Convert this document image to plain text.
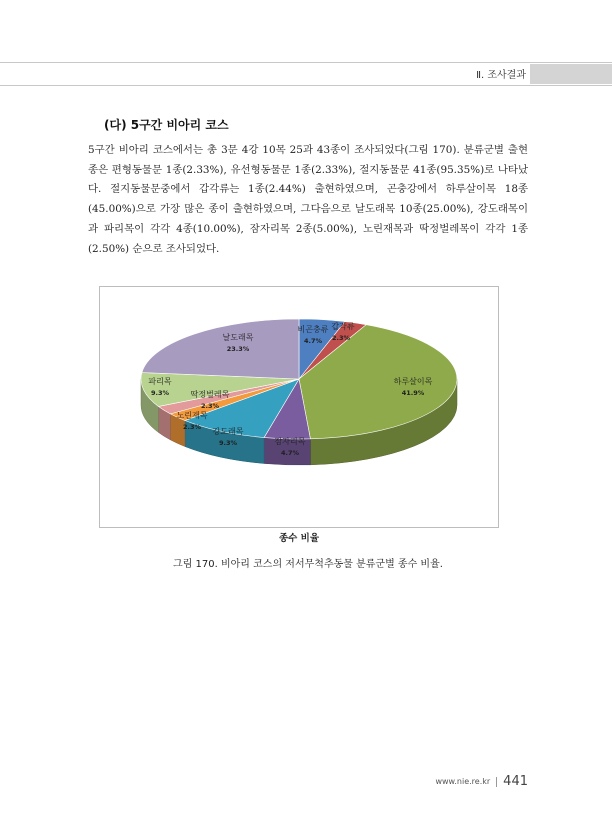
Ⅱ. 조사결과
(다) 5구간 비아리 코스

5구간 비아리 코스에서는 총 3문 4강 10목 25과 43종이 조사되었다(그림 170). 분류군별 출현 종은 편형동물문 1종(2.33%), 유선형동물문 1종(2.33%), 절지동물문 41종(95.35%)로 나타났다. 절지동물문중에서 갑각류는 1종(2.44%) 출현하였으며, 곤충강에서 하루살이목 18종(45.00%)으로 가장 많은 종이 출현하였으며, 그다음으로 날도래목 10종(25.00%), 강도래목이과 파리목이 각각 4종(10.00%), 잠자리목 2종(5.00%), 노린재목과 딱정벌레목이 각각 1종(2.50%) 순으로 조사되었다.

비곤충류
4.7%
갑각류
2.3%
하루살이목
41.9%
잠자리목
4.7%
강도래목
9.3%
노린재목
2.3%
딱정벌레목
2.3%
파리목
9.3%
날도래목
23.3%
종수 비율
그림 170. 비아리 코스의 저서무척추동물 분류군별 종수 비율.
www.nie.re.kr 441
